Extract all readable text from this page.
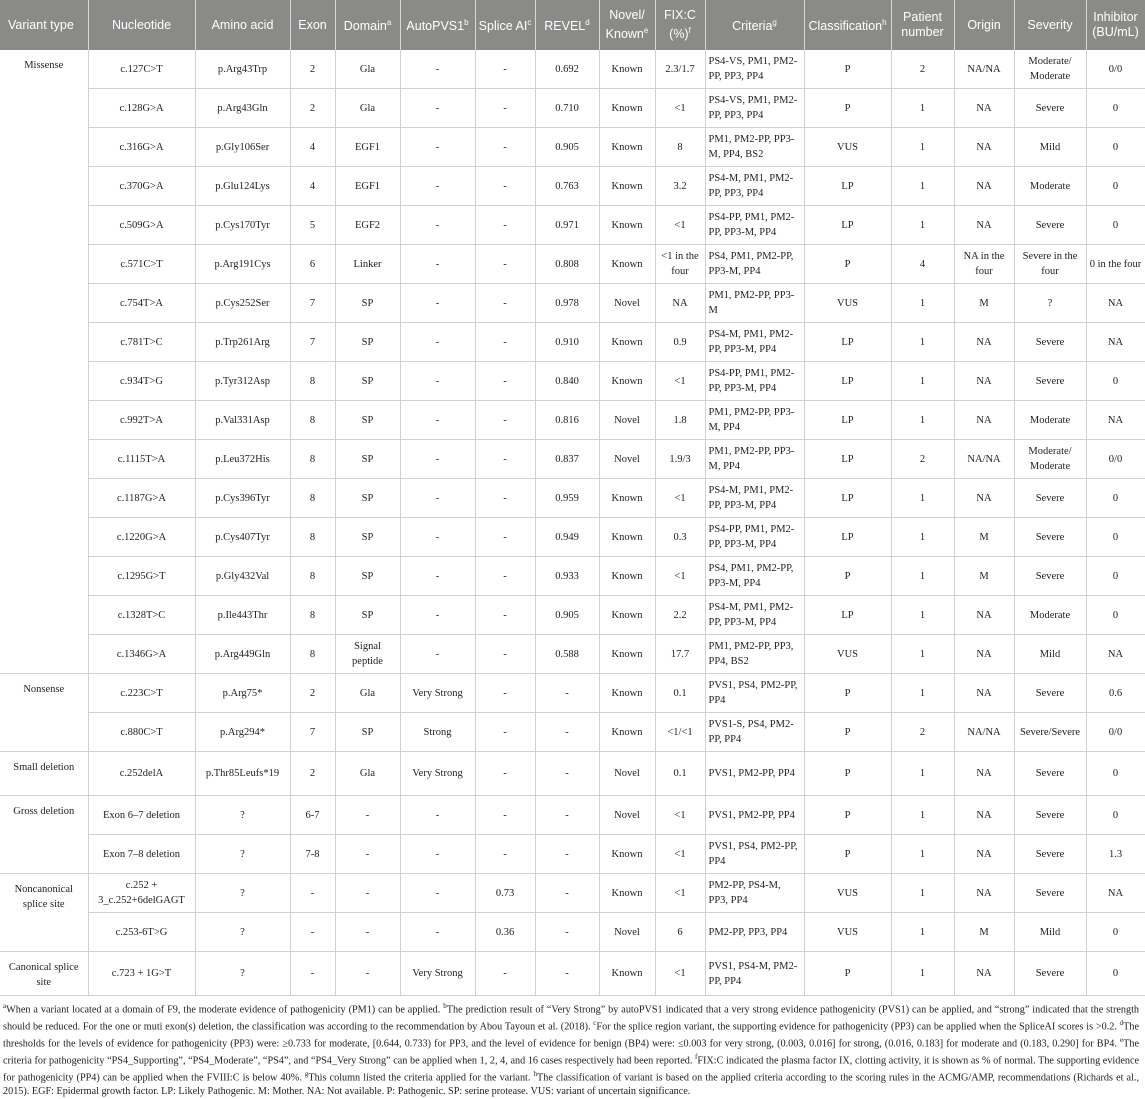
Variant type	Nucleotide	Amino acid	Exon	Domain$^a$	AutoPVS1$^b$	Splice $AI^c$	REVEL$^d$	Novel/ Known$^e$	FIX:C (%)$^f$	Criteria$^g$	Classification$^h$	Patient number	Origin	Severity	Inhibitor (BU/mL)
Missense	c.127C>T	p.Arg43Trp	2	Gla	-	-	0.692	Known	2.3/1.7	PS4-VS, PM1, PM2-PP, PP3, PP4	P	2	NA/NA	Moderate/ Moderate	0/0
	c.128G>A	p.Arg43Gln	2	Gla	-	-	0.710	Known	<1	PS4-VS, PM1, PM2-PP, PP3, PP4	P	1	NA	Severe	0
	c.316G>A	p.Gly106Ser	4	EGF1	-	-	0.905	Known	8	PM1, PM2-PP, PP3-M, PP4, BS2	VUS	1	NA	Mild	0
	c.370G>A	p.Glu124Lys	4	EGF1	-	-	0.763	Known	3.2	PS4-M, PM1, PM2-PP, PP3, PP4	LP	1	NA	Moderate	0
	c.509G>A	p.Cys170Tyr	5	EGF2	-	-	0.971	Known	<1	PS4-PP, PM1, PM2-PP, PP3-M, PP4	LP	1	NA	Severe	0
	c.571C>T	p.Arg191Cys	6	Linker	-	-	0.808	Known	<1 in the four	PS4, PM1, PM2-PP, PP3-M, PP4	P	4	NA in the four	Severe in the four	0 in the four
	c.754T>A	p.Cys252Ser	7	SP	-	-	0.978	Novel	NA	PM1, PM2-PP, PP3-M	VUS	1	M	?	NA
	c.781T>C	p.Trp261Arg	7	SP	-	-	0.910	Known	0.9	PS4-M, PM1, PM2-PP, PP3-M, PP4	LP	1	NA	Severe	NA
	c.934T>G	p.Tyr312Asp	8	SP	-	-	0.840	Known	<1	PS4-PP, PM1, PM2-PP, PP3-M, PP4	LP	1	NA	Severe	0
	c.992T>A	p.Val331Asp	8	SP	-	-	0.816	Novel	1.8	PM1, PM2-PP, PP3-M, PP4	LP	1	NA	Moderate	NA
	c.1115T>A	p.Leu372His	8	SP	-	-	0.837	Novel	1.9/3	PM1, PM2-PP, PP3-M, PP4	LP	2	NA/NA	Moderate/ Moderate	0/0
	c.1187G>A	p.Cys396Tyr	8	SP	-	-	0.959	Known	<1	PS4-M, PM1, PM2-PP, PP3-M, PP4	LP	1	NA	Severe	0
	c.1220G>A	p.Cys407Tyr	8	SP	-	-	0.949	Known	0.3	PS4-PP, PM1, PM2-PP, PP3-M, PP4	LP	1	M	Severe	0
	c.1295G>T	p.Gly432Val	8	SP	-	-	0.933	Known	<1	PS4, PM1, PM2-PP, PP3-M, PP4	P	1	M	Severe	0
	c.1328T>C	p.Ile443Thr	8	SP	-	-	0.905	Known	2.2	PS4-M, PM1, PM2-PP, PP3-M, PP4	LP	1	NA	Moderate	0
	c.1346G>A	p.Arg449Gln	8	Signal peptide	-	-	0.588	Known	17.7	PM1, PM2-PP, PP3, PP4, BS2	VUS	1	NA	Mild	NA
Nonsense	c.223C>T	p.Arg75*	2	Gla	Very Strong	-	-	Known	0.1	PVS1, PS4, PM2-PP, PP4	P	1	NA	Severe	0.6
	c.880C>T	p.Arg294*	7	SP	Strong	-	-	Known	<1/<1	PVS1-S, PS4, PM2-PP, PP4	P	2	NA/NA	Severe/Severe	0/0
Small deletion	c.252delA	p.Thr85Leufs*19	2	Gla	Very Strong	-	-	Novel	0.1	PVS1, PM2-PP, PP4	P	1	NA	Severe	0
Gross deletion	Exon 6–7 deletion	?	6-7	-	-	-	-	Novel	<1	PVS1, PM2-PP, PP4	P	1	NA	Severe	0
	Exon 7–8 deletion	?	7-8	-	-	-	-	Known	<1	PVS1, PS4, PM2-PP, PP4	P	1	NA	Severe	1.3
Noncanonical splice site	c.252 + 3_c.252+6delGAGT	?	-	-	-	0.73	-	Known	<1	PM2-PP, PS4-M, PP3, PP4	VUS	1	NA	Severe	NA
	c.253-6T>G	?	-	-	-	0.36	-	Novel	6	PM2-PP, PP3, PP4	VUS	1	M	Mild	0
Canonical splice site	c.723 + 1G>T	?	-	-	Very Strong	-	-	Known	<1	PVS1, PS4-M, PM2-PP, PP4	P	1	NA	Severe	0
$^a$When a variant located at a domain of F9, the moderate evidence of pathogenicity (PM1) can be applied. $^b$The prediction result of “Very Strong” by autoPVS1 indicated that a very strong evidence pathogenicity (PVS1) can be applied, and “strong” indicated that the strength should be reduced. For the one or muti exon(s) deletion, the classification was according to the recommendation by Abou Tayoun et al. (2018). $^c$For the splice region variant, the supporting evidence for pathogenicity (PP3) can be applied when the SpliceAI scores is >0.2. $^d$The thresholds for the levels of evidence for pathogenicity (PP3) were: ≥0.733 for moderate, [0.644, 0.733) for PP3, and the level of evidence for benign (BP4) were: ≤0.003 for very strong, (0.003, 0.016] for strong, (0.016, 0.183] for moderate and (0.183, 0.290] for BP4. $^e$The criteria for pathogenicity “PS4_Supporting”, “PS4_Moderate”, “PS4”, and “PS4_Very Strong” can be applied when 1, 2, 4, and 16 cases respectively had been reported. $^f$FIX:C indicated the plasma factor IX, clotting activity, it is shown as % of normal. The supporting evidence for pathogenicity (PP4) can be applied when the FVIII:C is below 40%. $^g$This column listed the criteria applied for the variant. $^h$The classification of variant is based on the applied criteria according to the scoring rules in the ACMG/AMP, recommendations (Richards et al., 2015). EGF: Epidermal growth factor. LP: Likely Pathogenic. M: Mother. NA: Not available. P: Pathogenic. SP: serine protease. VUS: variant of uncertain significance.
